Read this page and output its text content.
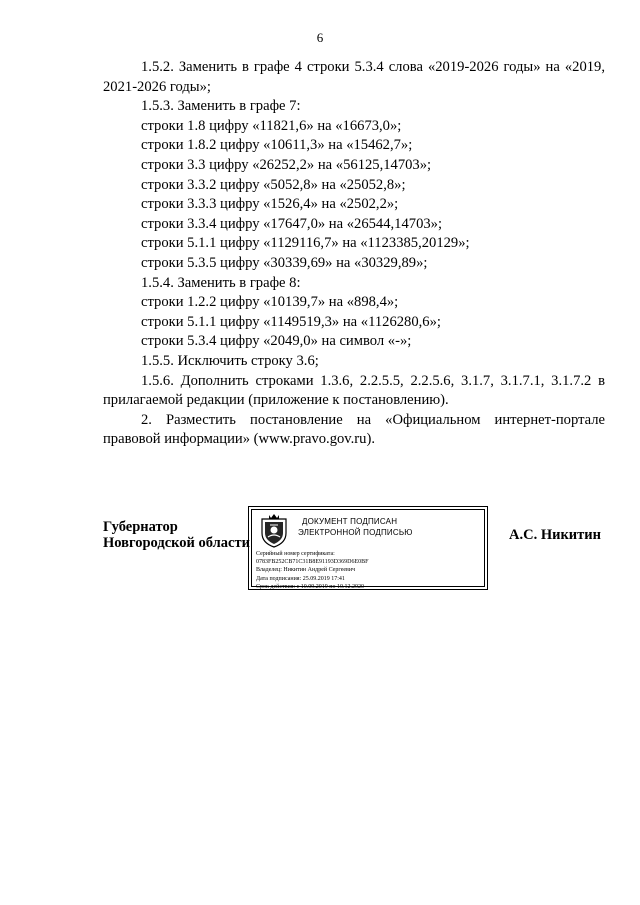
6

1.5.2. Заменить в графе 4 строки 5.3.4 слова «2019-2026 годы» на «2019, 2021-2026 годы»;

1.5.3. Заменить в графе 7:

строки 1.8 цифру «11821,6» на «16673,0»;

строки 1.8.2 цифру «10611,3» на «15462,7»;

строки 3.3 цифру «26252,2» на «56125,14703»;

строки 3.3.2 цифру «5052,8» на «25052,8»;

строки 3.3.3 цифру «1526,4» на «2502,2»;

строки 3.3.4 цифру «17647,0» на «26544,14703»;

строки 5.1.1 цифру «1129116,7» на «1123385,20129»;

строки 5.3.5 цифру «30339,69» на «30329,89»;

1.5.4. Заменить в графе 8:

строки 1.2.2 цифру «10139,7» на «898,4»;

строки 5.1.1 цифру «1149519,3» на «1126280,6»;

строки 5.3.4 цифру «2049,0» на символ «-»;

1.5.5. Исключить строку 3.6;

1.5.6. Дополнить строками 1.3.6, 2.2.5.5, 2.2.5.6, 3.1.7, 3.1.7.1, 3.1.7.2 в прилагаемой редакции (приложение к постановлению).

2. Разместить постановление на «Официальном интернет-портале правовой информации» (www.pravo.gov.ru).

Губернатор
Новгородской области
ДОКУМЕНТ ПОДПИСАН
ЭЛЕКТРОННОЙ ПОДПИСЬЮ
Серийный номер сертификата:
0783FB252CB71C31B8E91193D369D6E0BF
Владелец: Никитин Андрей Сергеевич
Дата подписания: 25.09.2019 17:41
Срок действия: с 10.09.2019 по 10.12.2020
А.С. Никитин
